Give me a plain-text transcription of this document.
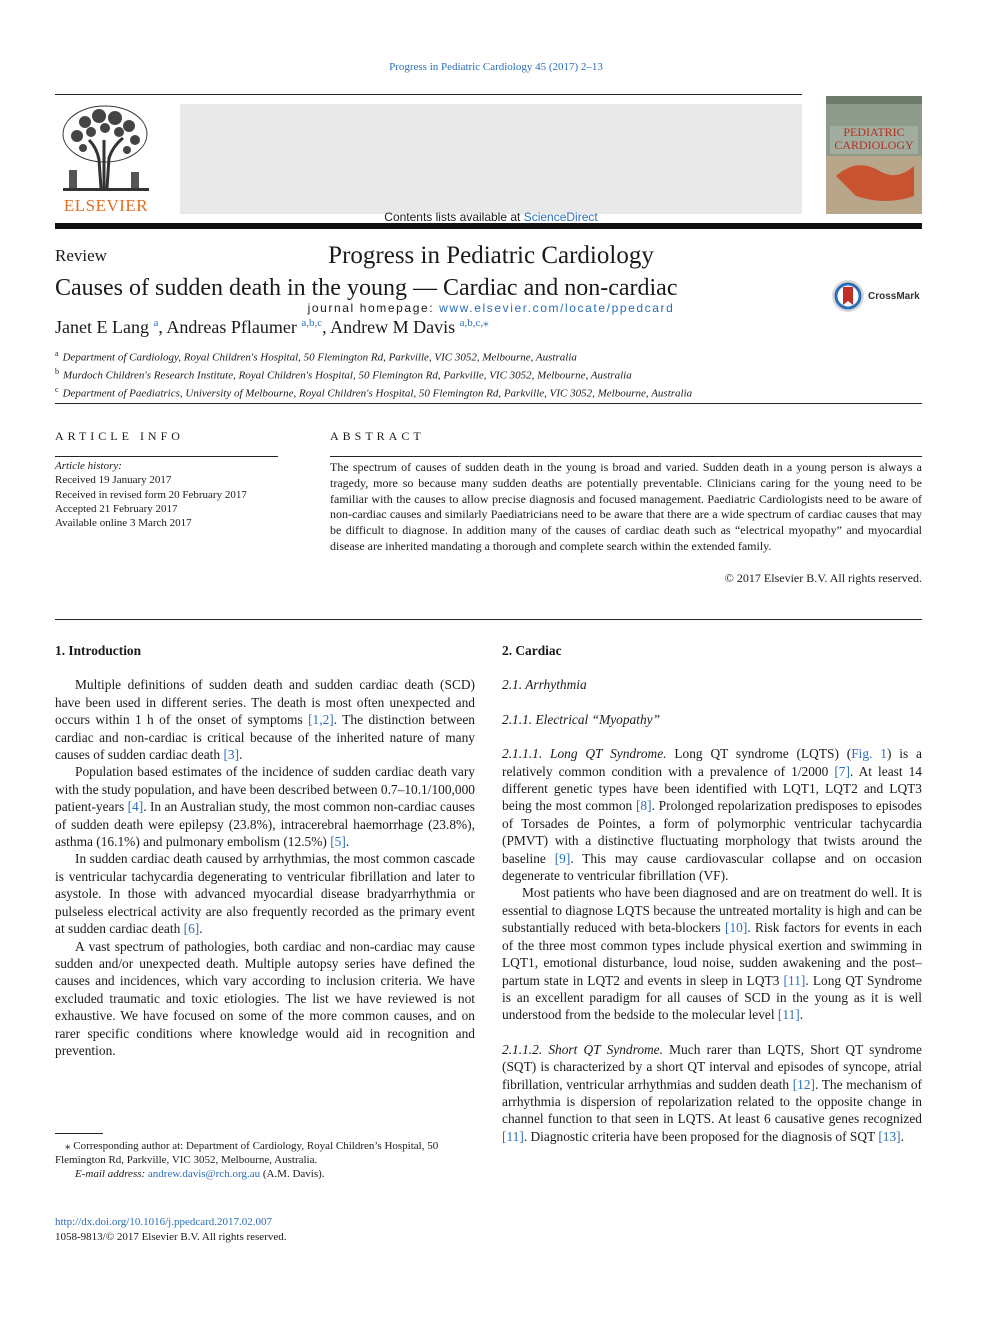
Progress in Pediatric Cardiology 45 (2017) 2–13
ELSEVIER
Contents lists available at ScienceDirect
Progress in Pediatric Cardiology
journal homepage: www.elsevier.com/locate/ppedcard
PEDIATRIC CARDIOLOGY
Review
Causes of sudden death in the young — Cardiac and non-cardiac	CrossMark
Janet E Lang $^a$, Andreas Pflaumer $^{a,b,c}$, Andrew M Davis $^{a,b,c,⁎}$
$^a$ Department of Cardiology, Royal Children's Hospital, 50 Flemington Rd, Parkville, VIC 3052, Melbourne, Australia
$^b$ Murdoch Children's Research Institute, Royal Children's Hospital, 50 Flemington Rd, Parkville, VIC 3052, Melbourne, Australia
$^c$ Department of Paediatrics, University of Melbourne, Royal Children's Hospital, 50 Flemington Rd, Parkville, VIC 3052, Melbourne, Australia
ARTICLE INFO
Article history:
Received 19 January 2017
Received in revised form 20 February 2017
Accepted 21 February 2017
Available online 3 March 2017
ABSTRACT
The spectrum of causes of sudden death in the young is broad and varied. Sudden death in a young person is always a tragedy, more so because many sudden deaths are potentially preventable. Clinicians caring for the young need to be familiar with the causes to allow precise diagnosis and focused management. Paediatric Cardiologists need to be aware of non-cardiac causes and similarly Paediatricians need to be aware that there are a wide spectrum of cardiac causes that may be difficult to diagnose. In addition many of the causes of cardiac death such as “electrical myopathy” and myocardial disease are inherited mandating a thorough and complete search within the extended family.
© 2017 Elsevier B.V. All rights reserved.
1. Introduction

Multiple definitions of sudden death and sudden cardiac death (SCD) have been used in different series. The death is most often unexpected and occurs within 1 h of the onset of symptoms [1,2]. The distinction between cardiac and non-cardiac is critical because of the inherited nature of many causes of sudden cardiac death [3].

Population based estimates of the incidence of sudden cardiac death vary with the study population, and have been described between 0.7–10.1/100,000 patient-years [4]. In an Australian study, the most common non-cardiac causes of sudden death were epilepsy (23.8%), intracerebral haemorrhage (23.8%), asthma (16.1%) and pulmonary embolism (12.5%) [5].

In sudden cardiac death caused by arrhythmias, the most common cascade is ventricular tachycardia degenerating to ventricular fibrillation and later to asystole. In those with advanced myocardial disease bradyarrhythmia or pulseless electrical activity are also frequently recorded as the primary event at sudden cardiac death [6].

A vast spectrum of pathologies, both cardiac and non-cardiac may cause sudden and/or unexpected death. Multiple autopsy series have defined the causes and incidences, which vary according to inclusion criteria. We have excluded traumatic and toxic etiologies. The list we have reviewed is not exhaustive. We have focused on some of the more common causes, and on rarer specific conditions where knowledge would aid in recognition and prevention.

⁎ Corresponding author at: Department of Cardiology, Royal Children’s Hospital, 50 Flemington Rd, Parkville, VIC 3052, Melbourne, Australia.
E-mail address: andrew.davis@rch.org.au (A.M. Davis).
http://dx.doi.org/10.1016/j.ppedcard.2017.02.007
1058-9813/© 2017 Elsevier B.V. All rights reserved.
2. Cardiac
2.1. Arrhythmia
2.1.1. Electrical “Myopathy”

2.1.1.1. Long QT Syndrome. Long QT syndrome (LQTS) (Fig. 1) is a relatively common condition with a prevalence of 1/2000 [7]. At least 14 different genetic types have been identified with LQT1, LQT2 and LQT3 being the most common [8]. Prolonged repolarization predisposes to episodes of Torsades de Pointes, a form of polymorphic ventricular tachycardia (PMVT) with a distinctive fluctuating morphology that twists around the baseline [9]. This may cause cardiovascular collapse and on occasion degenerate to ventricular fibrillation (VF).

Most patients who have been diagnosed and are on treatment do well. It is essential to diagnose LQTS because the untreated mortality is high and can be substantially reduced with beta-blockers [10]. Risk factors for events in each of the three most common types include physical exertion and swimming in LQT1, emotional disturbance, loud noise, sudden awakening and the post–partum state in LQT2 and events in sleep in LQT3 [11]. Long QT Syndrome is an excellent paradigm for all causes of SCD in the young as it is well understood from the bedside to the molecular level [11].

2.1.1.2. Short QT Syndrome. Much rarer than LQTS, Short QT syndrome (SQT) is characterized by a short QT interval and episodes of syncope, atrial fibrillation, ventricular arrhythmias and sudden death [12]. The mechanism of arrhythmia is dispersion of repolarization related to the opposite change in channel function to that seen in LQTS. At least 6 causative genes recognized [11]. Diagnostic criteria have been proposed for the diagnosis of SQT [13].
